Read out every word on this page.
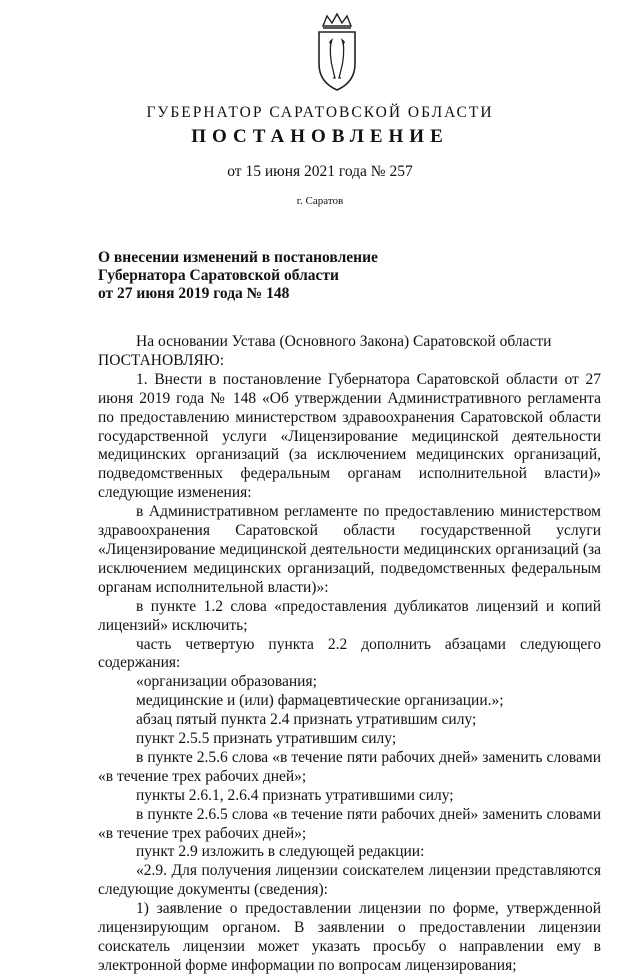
ГУБЕРНАТОР САРАТОВСКОЙ ОБЛАСТИ
ПОСТАНОВЛЕНИЕ
от 15 июня 2021 года № 257
г. Саратов
О внесении изменений в постановление
Губернатора Саратовской области
от 27 июня 2019 года № 148

На основании Устава (Основного Закона) Саратовской области

ПОСТАНОВЛЯЮ:

1. Внести в постановление Губернатора Саратовской области от 27 июня 2019 года № 148 «Об утверждении Административного регламента по предоставлению министерством здравоохранения Саратовской области государственной услуги «Лицензирование медицинской деятельности медицинских организаций (за исключением медицинских организаций, подведомственных федеральным органам исполнительной власти)» следующие изменения:

в Административном регламенте по предоставлению министерством здравоохранения Саратовской области государственной услуги «Лицензирование медицинской деятельности медицинских организаций (за исключением медицинских организаций, подведомственных федеральным органам исполнительной власти)»:

в пункте 1.2 слова «предоставления дубликатов лицензий и копий лицензий» исключить;

часть четвертую пункта 2.2 дополнить абзацами следующего содержания:

«организации образования;

медицинские и (или) фармацевтические организации.»;

абзац пятый пункта 2.4 признать утратившим силу;

пункт 2.5.5 признать утратившим силу;

в пункте 2.5.6 слова «в течение пяти рабочих дней» заменить словами «в течение трех рабочих дней»;

пункты 2.6.1, 2.6.4 признать утратившими силу;

в пункте 2.6.5 слова «в течение пяти рабочих дней» заменить словами «в течение трех рабочих дней»;

пункт 2.9 изложить в следующей редакции:

«2.9. Для получения лицензии соискателем лицензии представляются следующие документы (сведения):

1) заявление о предоставлении лицензии по форме, утвержденной лицензирующим органом. В заявлении о предоставлении лицензии соискатель лицензии может указать просьбу о направлении ему в электронной форме информации по вопросам лицензирования;
